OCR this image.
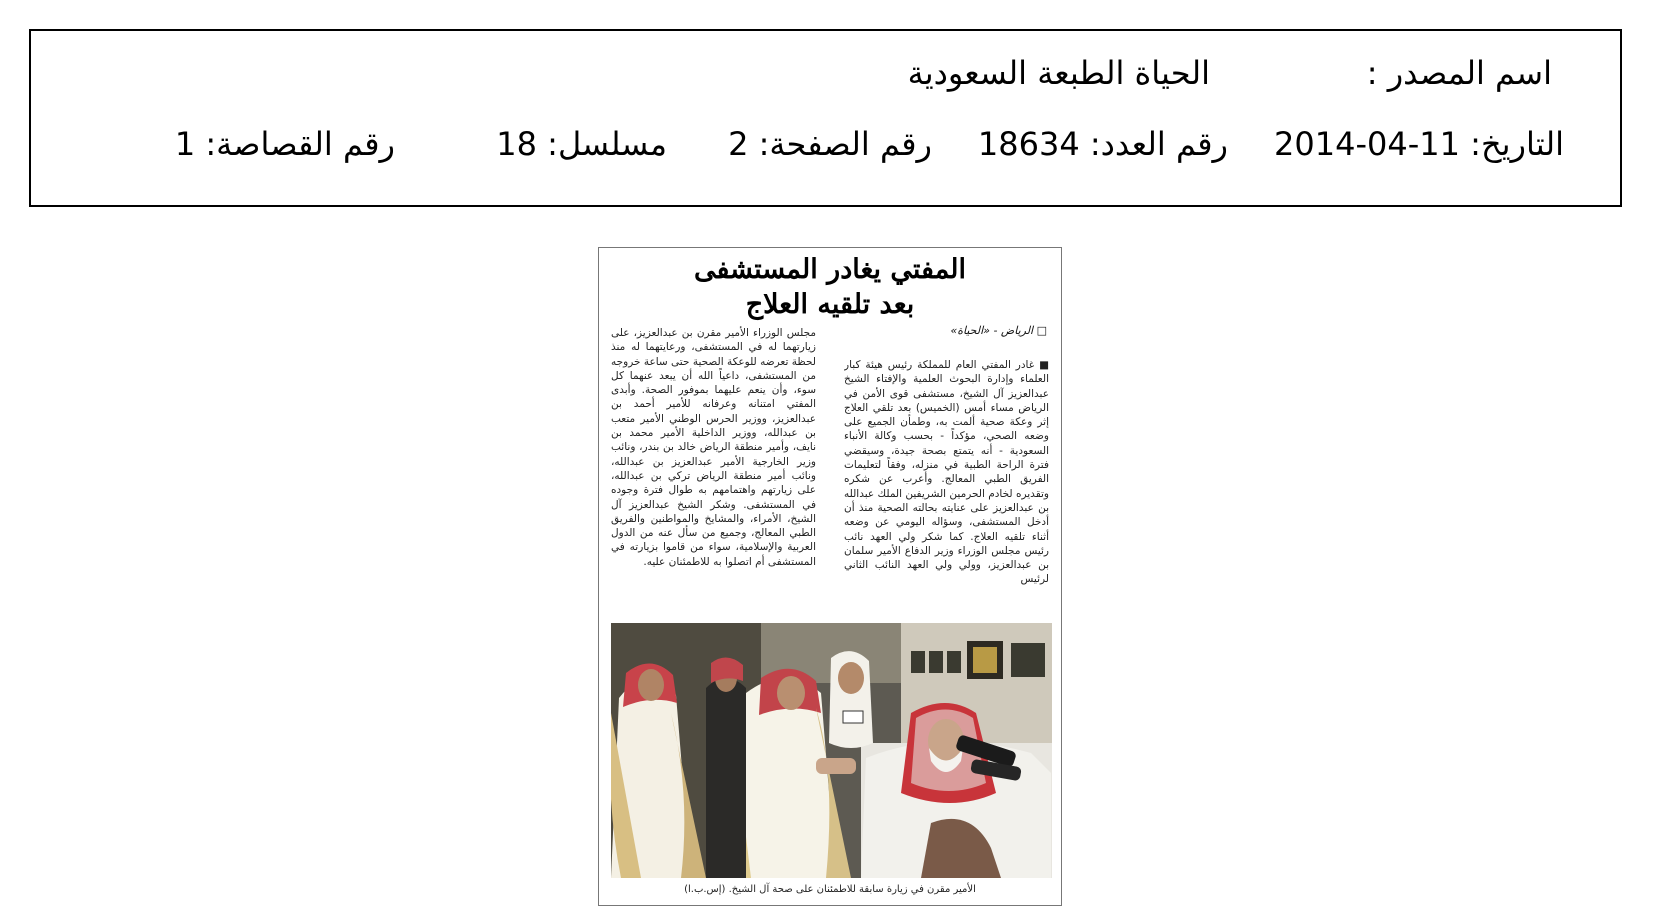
اسم المصدر :
الحياة الطبعة السعودية
التاريخ: 11-04-2014
رقم العدد: 18634
رقم الصفحة: 2
مسلسل: 18
رقم القصاصة: 1
المفتي يغادر المستشفى
بعد تلقيه العلاج
□ الرياض - «الحياة»

■ غادر المفتي العام للمملكة رئيس هيئة كبار العلماء وإدارة البحوث العلمية والإفتاء الشيخ عبدالعزيز آل الشيخ، مستشفى قوى الأمن في الرياض مساء أمس (الخميس) بعد تلقي العلاج إثر وعكة صحية ألمت به، وطمأن الجميع على وضعه الصحي، مؤكداً - بحسب وكالة الأنباء السعودية - أنه يتمتع بصحة جيدة، وسيقضي فترة الراحة الطبية في منزله، وفقاً لتعليمات الفريق الطبي المعالج. وأعرب عن شكره وتقديره لخادم الحرمين الشريفين الملك عبدالله بن عبدالعزيز على عنايته بحالته الصحية منذ أن أدخل المستشفى، وسؤاله اليومي عن وضعه أثناء تلقيه العلاج. كما شكر ولي العهد نائب رئيس مجلس الوزراء وزير الدفاع الأمير سلمان بن عبدالعزيز، وولي ولي العهد النائب الثاني لرئيس

مجلس الوزراء الأمير مقرن بن عبدالعزيز، على زيارتهما له في المستشفى، ورعايتهما له منذ لحظة تعرضه للوعكة الصحية حتى ساعة خروجه من المستشفى، داعياً الله أن يبعد عنهما كل سوء، وأن ينعم عليهما بموفور الصحة. وأبدى المفتي امتنانه وعرفانه للأمير أحمد بن عبدالعزيز، ووزير الحرس الوطني الأمير متعب بن عبدالله، ووزير الداخلية الأمير محمد بن نايف، وأمير منطقة الرياض خالد بن بندر، ونائب وزير الخارجية الأمير عبدالعزيز بن عبدالله، ونائب أمير منطقة الرياض تركي بن عبدالله، على زيارتهم واهتمامهم به طوال فترة وجوده في المستشفى. وشكر الشيخ عبدالعزيز آل الشيخ، الأمراء، والمشايخ والمواطنين والفريق الطبي المعالج، وجميع من سأل عنه من الدول العربية والإسلامية، سواء من قاموا بزيارته في المستشفى أم اتصلوا به للاطمئنان عليه.

الأمير مقرن في زيارة سابقة للاطمئنان على صحة آل الشيخ. (إس.ب.ا)
